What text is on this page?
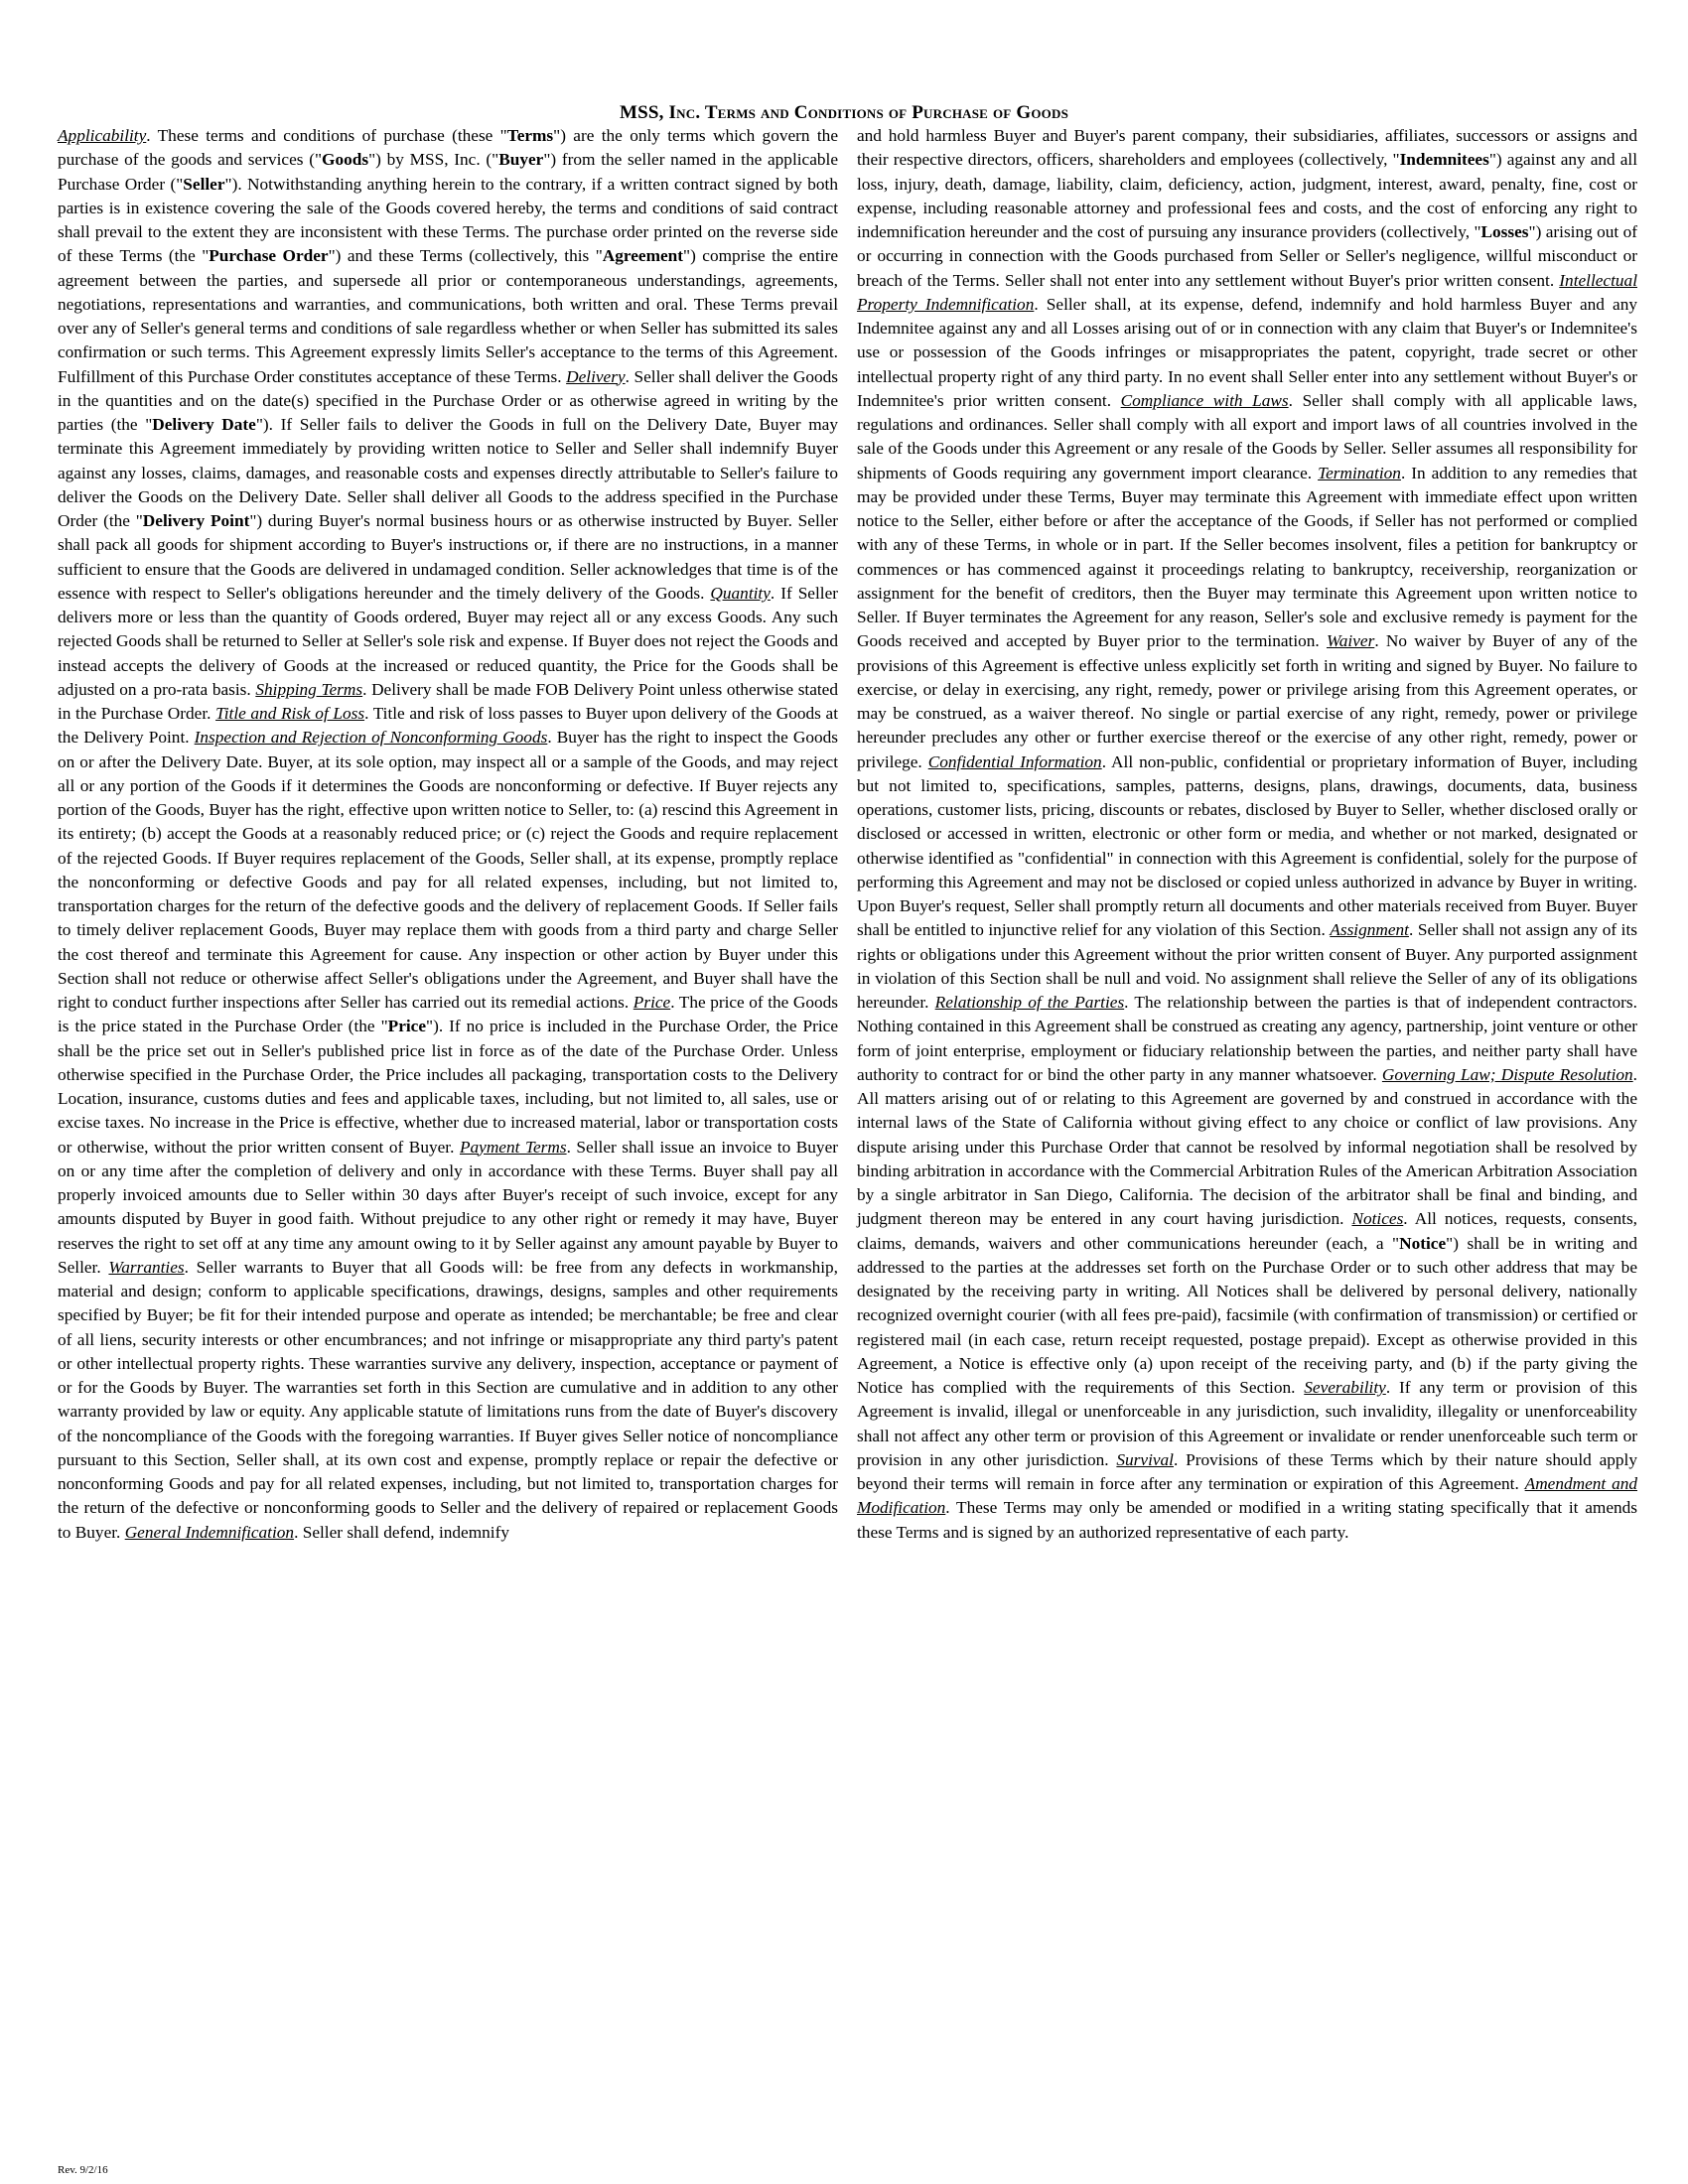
MSS, Inc. Terms and Conditions of Purchase of Goods

Applicability. These terms and conditions of purchase (these "Terms") are the only terms which govern the purchase of the goods and services ("Goods") by MSS, Inc. ("Buyer") from the seller named in the applicable Purchase Order ("Seller"). Notwithstanding anything herein to the contrary, if a written contract signed by both parties is in existence covering the sale of the Goods covered hereby, the terms and conditions of said contract shall prevail to the extent they are inconsistent with these Terms. The purchase order printed on the reverse side of these Terms (the "Purchase Order") and these Terms (collectively, this "Agreement") comprise the entire agreement between the parties, and supersede all prior or contemporaneous understandings, agreements, negotiations, representations and warranties, and communications, both written and oral. These Terms prevail over any of Seller's general terms and conditions of sale regardless whether or when Seller has submitted its sales confirmation or such terms. This Agreement expressly limits Seller's acceptance to the terms of this Agreement. Fulfillment of this Purchase Order constitutes acceptance of these Terms. Delivery. Seller shall deliver the Goods in the quantities and on the date(s) specified in the Purchase Order or as otherwise agreed in writing by the parties (the "Delivery Date"). If Seller fails to deliver the Goods in full on the Delivery Date, Buyer may terminate this Agreement immediately by providing written notice to Seller and Seller shall indemnify Buyer against any losses, claims, damages, and reasonable costs and expenses directly attributable to Seller's failure to deliver the Goods on the Delivery Date. Seller shall deliver all Goods to the address specified in the Purchase Order (the "Delivery Point") during Buyer's normal business hours or as otherwise instructed by Buyer. Seller shall pack all goods for shipment according to Buyer's instructions or, if there are no instructions, in a manner sufficient to ensure that the Goods are delivered in undamaged condition. Seller acknowledges that time is of the essence with respect to Seller's obligations hereunder and the timely delivery of the Goods. Quantity. If Seller delivers more or less than the quantity of Goods ordered, Buyer may reject all or any excess Goods. Any such rejected Goods shall be returned to Seller at Seller's sole risk and expense. If Buyer does not reject the Goods and instead accepts the delivery of Goods at the increased or reduced quantity, the Price for the Goods shall be adjusted on a pro-rata basis. Shipping Terms. Delivery shall be made FOB Delivery Point unless otherwise stated in the Purchase Order. Title and Risk of Loss. Title and risk of loss passes to Buyer upon delivery of the Goods at the Delivery Point. Inspection and Rejection of Nonconforming Goods. Buyer has the right to inspect the Goods on or after the Delivery Date. Buyer, at its sole option, may inspect all or a sample of the Goods, and may reject all or any portion of the Goods if it determines the Goods are nonconforming or defective. If Buyer rejects any portion of the Goods, Buyer has the right, effective upon written notice to Seller, to: (a) rescind this Agreement in its entirety; (b) accept the Goods at a reasonably reduced price; or (c) reject the Goods and require replacement of the rejected Goods. If Buyer requires replacement of the Goods, Seller shall, at its expense, promptly replace the nonconforming or defective Goods and pay for all related expenses, including, but not limited to, transportation charges for the return of the defective goods and the delivery of replacement Goods. If Seller fails to timely deliver replacement Goods, Buyer may replace them with goods from a third party and charge Seller the cost thereof and terminate this Agreement for cause. Any inspection or other action by Buyer under this Section shall not reduce or otherwise affect Seller's obligations under the Agreement, and Buyer shall have the right to conduct further inspections after Seller has carried out its remedial actions. Price. The price of the Goods is the price stated in the Purchase Order (the "Price"). If no price is included in the Purchase Order, the Price shall be the price set out in Seller's published price list in force as of the date of the Purchase Order. Unless otherwise specified in the Purchase Order, the Price includes all packaging, transportation costs to the Delivery Location, insurance, customs duties and fees and applicable taxes, including, but not limited to, all sales, use or excise taxes. No increase in the Price is effective, whether due to increased material, labor or transportation costs or otherwise, without the prior written consent of Buyer. Payment Terms. Seller shall issue an invoice to Buyer on or any time after the completion of delivery and only in accordance with these Terms. Buyer shall pay all properly invoiced amounts due to Seller within 30 days after Buyer's receipt of such invoice, except for any amounts disputed by Buyer in good faith. Without prejudice to any other right or remedy it may have, Buyer reserves the right to set off at any time any amount owing to it by Seller against any amount payable by Buyer to Seller. Warranties. Seller warrants to Buyer that all Goods will: be free from any defects in workmanship, material and design; conform to applicable specifications, drawings, designs, samples and other requirements specified by Buyer; be fit for their intended purpose and operate as intended; be merchantable; be free and clear of all liens, security interests or other encumbrances; and not infringe or misappropriate any third party's patent or other intellectual property rights. These warranties survive any delivery, inspection, acceptance or payment of or for the Goods by Buyer. The warranties set forth in this Section are cumulative and in addition to any other warranty provided by law or equity. Any applicable statute of limitations runs from the date of Buyer's discovery of the noncompliance of the Goods with the foregoing warranties. If Buyer gives Seller notice of noncompliance pursuant to this Section, Seller shall, at its own cost and expense, promptly replace or repair the defective or nonconforming Goods and pay for all related expenses, including, but not limited to, transportation charges for the return of the defective or nonconforming goods to Seller and the delivery of repaired or replacement Goods to Buyer. General Indemnification. Seller shall defend, indemnify

and hold harmless Buyer and Buyer's parent company, their subsidiaries, affiliates, successors or assigns and their respective directors, officers, shareholders and employees (collectively, "Indemnitees") against any and all loss, injury, death, damage, liability, claim, deficiency, action, judgment, interest, award, penalty, fine, cost or expense, including reasonable attorney and professional fees and costs, and the cost of enforcing any right to indemnification hereunder and the cost of pursuing any insurance providers (collectively, "Losses") arising out of or occurring in connection with the Goods purchased from Seller or Seller's negligence, willful misconduct or breach of the Terms. Seller shall not enter into any settlement without Buyer's prior written consent. Intellectual Property Indemnification. Seller shall, at its expense, defend, indemnify and hold harmless Buyer and any Indemnitee against any and all Losses arising out of or in connection with any claim that Buyer's or Indemnitee's use or possession of the Goods infringes or misappropriates the patent, copyright, trade secret or other intellectual property right of any third party. In no event shall Seller enter into any settlement without Buyer's or Indemnitee's prior written consent. Compliance with Laws. Seller shall comply with all applicable laws, regulations and ordinances. Seller shall comply with all export and import laws of all countries involved in the sale of the Goods under this Agreement or any resale of the Goods by Seller. Seller assumes all responsibility for shipments of Goods requiring any government import clearance. Termination. In addition to any remedies that may be provided under these Terms, Buyer may terminate this Agreement with immediate effect upon written notice to the Seller, either before or after the acceptance of the Goods, if Seller has not performed or complied with any of these Terms, in whole or in part. If the Seller becomes insolvent, files a petition for bankruptcy or commences or has commenced against it proceedings relating to bankruptcy, receivership, reorganization or assignment for the benefit of creditors, then the Buyer may terminate this Agreement upon written notice to Seller. If Buyer terminates the Agreement for any reason, Seller's sole and exclusive remedy is payment for the Goods received and accepted by Buyer prior to the termination. Waiver. No waiver by Buyer of any of the provisions of this Agreement is effective unless explicitly set forth in writing and signed by Buyer. No failure to exercise, or delay in exercising, any right, remedy, power or privilege arising from this Agreement operates, or may be construed, as a waiver thereof. No single or partial exercise of any right, remedy, power or privilege hereunder precludes any other or further exercise thereof or the exercise of any other right, remedy, power or privilege. Confidential Information. All non-public, confidential or proprietary information of Buyer, including but not limited to, specifications, samples, patterns, designs, plans, drawings, documents, data, business operations, customer lists, pricing, discounts or rebates, disclosed by Buyer to Seller, whether disclosed orally or disclosed or accessed in written, electronic or other form or media, and whether or not marked, designated or otherwise identified as "confidential" in connection with this Agreement is confidential, solely for the purpose of performing this Agreement and may not be disclosed or copied unless authorized in advance by Buyer in writing. Upon Buyer's request, Seller shall promptly return all documents and other materials received from Buyer. Buyer shall be entitled to injunctive relief for any violation of this Section. Assignment. Seller shall not assign any of its rights or obligations under this Agreement without the prior written consent of Buyer. Any purported assignment in violation of this Section shall be null and void. No assignment shall relieve the Seller of any of its obligations hereunder. Relationship of the Parties. The relationship between the parties is that of independent contractors. Nothing contained in this Agreement shall be construed as creating any agency, partnership, joint venture or other form of joint enterprise, employment or fiduciary relationship between the parties, and neither party shall have authority to contract for or bind the other party in any manner whatsoever. Governing Law; Dispute Resolution. All matters arising out of or relating to this Agreement are governed by and construed in accordance with the internal laws of the State of California without giving effect to any choice or conflict of law provisions. Any dispute arising under this Purchase Order that cannot be resolved by informal negotiation shall be resolved by binding arbitration in accordance with the Commercial Arbitration Rules of the American Arbitration Association by a single arbitrator in San Diego, California. The decision of the arbitrator shall be final and binding, and judgment thereon may be entered in any court having jurisdiction. Notices. All notices, requests, consents, claims, demands, waivers and other communications hereunder (each, a "Notice") shall be in writing and addressed to the parties at the addresses set forth on the Purchase Order or to such other address that may be designated by the receiving party in writing. All Notices shall be delivered by personal delivery, nationally recognized overnight courier (with all fees pre-paid), facsimile (with confirmation of transmission) or certified or registered mail (in each case, return receipt requested, postage prepaid). Except as otherwise provided in this Agreement, a Notice is effective only (a) upon receipt of the receiving party, and (b) if the party giving the Notice has complied with the requirements of this Section. Severability. If any term or provision of this Agreement is invalid, illegal or unenforceable in any jurisdiction, such invalidity, illegality or unenforceability shall not affect any other term or provision of this Agreement or invalidate or render unenforceable such term or provision in any other jurisdiction. Survival. Provisions of these Terms which by their nature should apply beyond their terms will remain in force after any termination or expiration of this Agreement. Amendment and Modification. These Terms may only be amended or modified in a writing stating specifically that it amends these Terms and is signed by an authorized representative of each party.

Rev. 9/2/16
